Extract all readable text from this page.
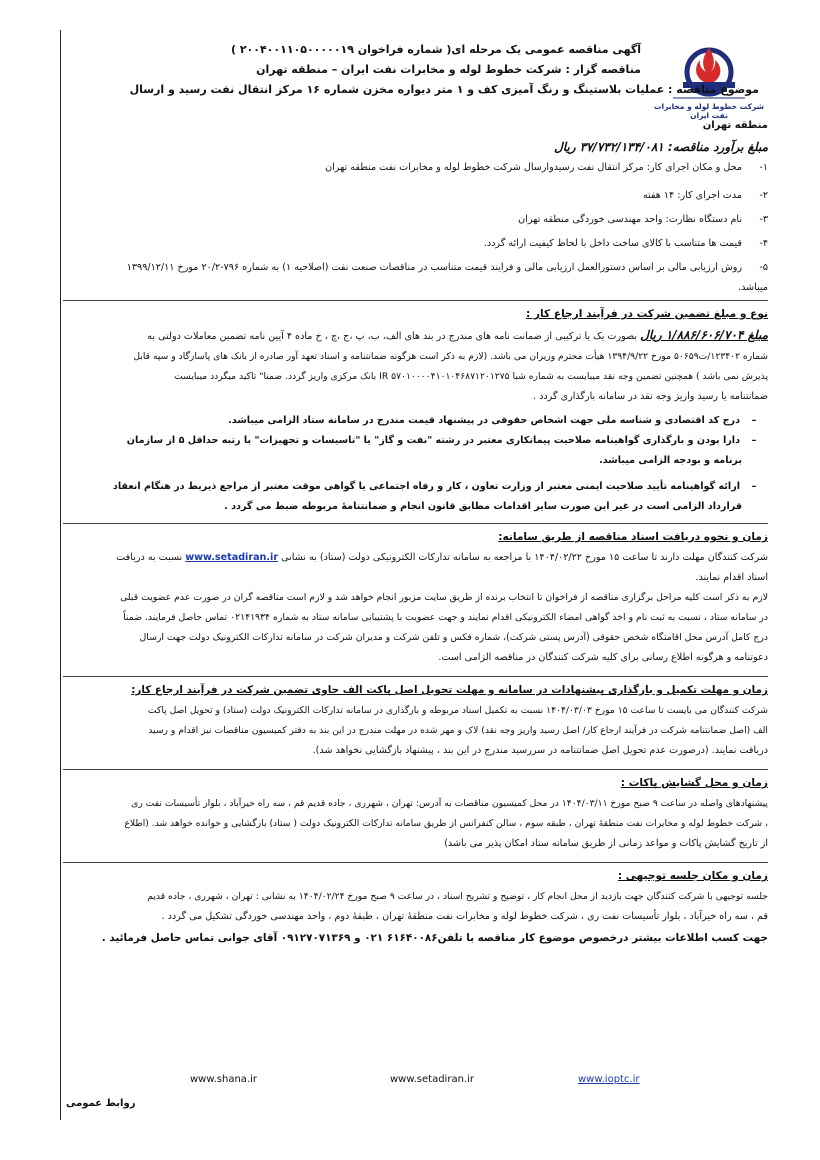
شرکت خطوط لوله و مخابرات نفت ایران
آگهی مناقصه عمومی یک مرحله ای( شماره فراخوان ۲۰۰۴۰۰۱۱۰۵۰۰۰۰۰۱۹ )
مناقصه گزار : شرکت خطوط لوله و مخابرات نفت ایران – منطقه تهران
موضوع مناقصه : عملیات بلاستینگ و رنگ آمیزی کف و ۱ متر دیواره مخزن شماره ۱۶ مرکز انتقال نفت رسید و ارسال
منطقه تهران
مبلغ برآورد مناقصه: ۳۷/۷۳۲/۱۳۴/۰۸۱ ریال
۱-محل و مکان اجرای کار: مرکز انتقال نفت رسیدوارسال شرکت خطوط لوله و مخابرات نفت منطقه تهران
۲-مدت اجرای کار: ۱۴ هفته
۳-نام دستگاه نظارت: واحد مهندسی خوردگی منطقه تهران
۴-قیمت ها متناسب با کالای ساخت داخل با لحاظ کیفیت ارائه گردد.
۵-روش ارزیابی مالی بر اساس دستورالعمل ارزیابی مالی و فرایند قیمت متناسب در مناقصات صنعت نفت (اصلاحیه ۱) به شماره ۷۹۶-۲۰/۲ مورخ ۱۳۹۹/۱۲/۱۱
میباشد.
نوع و مبلغ تضمین شرکت در فرآیند ارجاع کار :
مبلغ ۱/۸۸۶/۶۰۶/۷۰۴ ریال بصورت یک یا ترکیبی از ضمانت نامه های مندرج در بند های الف، ب، پ ،ج ،چ ، خ ماده ۴ آیین نامه تضمین معاملات دولتی به
شماره ۱۲۳۴۰۲/ت۵۰۶۵۹ مورخ ۱۳۹۴/۹/۲۲ هیأت محترم وزیران می باشد. (لازم به ذکر است هرگونه ضمانتنامه و اسناد تعهد آور صادره از بانک های پاسارگاد و سپه قابل
پذیرش نمی باشد ) همچنین تضمین وجه نقد میبایست به شماره شبا ۵۷۰۱۰۰۰۰۴۱۰۱۰۴۶۸۷۱۲۰۱۲۷۵ IR بانک مرکزی واریز گردد. ضمنا" تاکید میگردد میبایست
ضمانتنامه یا رسید واریز وجه نقد در سامانه بارگذاری گردد .
–درج کد اقتصادی و شناسه ملی جهت اشخاص حقوقی در پیشنهاد قیمت مندرج در سامانه ستاد الزامی میباشد.
–دارا بودن و بارگذاری گواهینامه صلاحیت پیمانکاری معتبر در رشته "نفت و گاز" یا "تاسیسات و تجهیزات" با رتبه حداقل ۵ از سازمان
برنامه و بودجه الزامی میباشد.
–ارائه گواهینامه تأیید صلاحیت ایمنی معتبر از وزارت تعاون ، کار و رفاه اجتماعی یا گواهی موقت معتبر از مراجع ذیربط در هنگام انعقاد
قرارداد الزامی است در غیر این صورت سایر اقدامات مطابق قانون انجام و ضمانتنامۀ مربوطه ضبط می گردد .
زمان و نحوه دریافت اسناد مناقصه از طریق سامانه:
شرکت کنندگان مهلت دارند تا ساعت ۱۵ مورخ ۱۴۰۴/۰۲/۲۲ با مراجعه به سامانه تدارکات الکترونیکی دولت (ستاد) به نشانی www.setadiran.ir نسبت به دریافت
اسناد اقدام نمایند.
لازم به ذکر است کلیه مراحل برگزاری مناقصه از فراخوان تا انتخاب برنده از طریق سایت مزبور انجام خواهد شد و لازم است مناقصه گران در صورت عدم عضویت قبلی
در سامانه ستاد ، نسبت به ثبت نام و اخذ گواهی امضاء الکترونیکی اقدام نمایند و جهت عضویت با پشتیبانی سامانه ستاد به شماره ۰۲۱۴۱۹۳۴ تماس حاصل فرمایند. ضمناً
درج کامل آدرس محل اقامتگاه شخص حقوقی (آدرس پستی شرکت)، شماره فکس و تلفن شرکت و مدیران شرکت در سامانه تدارکات الکترونیک دولت جهت ارسال
دعوتنامه و هرگونه اطلاع رسانی برای کلیه شرکت کنندگان در مناقصه الزامی است.
زمان و مهلت تکمیل و بارگذاری پیشنهادات در سامانه و مهلت تحویل اصل پاکت الف حاوی تضمین شرکت در فرآیند ارجاع کار:
شرکت کنندگان می بایست تا ساعت ۱۵ مورخ ۱۴۰۴/۰۳/۰۳ نسبت به تکمیل اسناد مربوطه و بارگذاری در سامانه تدارکات الکترونیک دولت (ستاد) و تحویل اصل پاکت
الف (اصل ضمانتنامه شرکت در فرآیند ارجاع کار/ اصل رسید واریز وجه نقد) لاک و مهر شده در مهلت مندرج در این بند به دفتر کمیسیون مناقصات نیز اقدام و رسید
دریافت نمایند. (درصورت عدم تحویل اصل ضمانتنامه در سررسید مندرج در این بند ، پیشنهاد بازگشایی نخواهد شد).
زمان و محل گشایش پاکات :
پیشنهادهای واصله در ساعت ۹ صبح مورخ ۱۴۰۴/۰۳/۱۱ در محل کمیسیون مناقصات به آدرس: تهران ، شهرری ، جاده قدیم قم ، سه راه خیرآباد ، بلوار تأسیسات نفت ری
، شرکت خطوط لوله و مخابرات نفت منطقۀ تهران ، طبقه سوم ، سالن کنفرانس از طریق سامانه تدارکات الکترونیک دولت ( ستاد) بازگشایی و خوانده خواهد شد. (اطلاع
از تاریخ گشایش پاکات و مواعد زمانی از طریق سامانه ستاد امکان پذیر می باشد)
زمان و مکان جلسه توجیهی :
جلسه توجیهی با شرکت کنندگان جهت بازدید از محل انجام کار ، توضیح و تشریح اسناد ، در ساعت ۹ صبح مورخ ۱۴۰۴/۰۲/۲۴ به نشانی : تهران ، شهرری ، جاده قدیم
قم ، سه راه خیرآباد ، بلوار تأسیسات نفت ری ، شرکت خطوط لوله و مخابرات نفت منطقۀ تهران ، طبقۀ دوم ، واحد مهندسی خوردگی تشکیل می گردد .
جهت کسب اطلاعات بیشتر درخصوص موضوع کار مناقصه با تلفن۶۱۶۴۰۰۸۶ ۰۲۱ و ۰۹۱۲۷۰۷۱۳۶۹ آقای جوانی تماس حاصل فرمائید .
www.shana.ir	www.setadiran.ir	www.ioptc.ir
روابط عمومی
